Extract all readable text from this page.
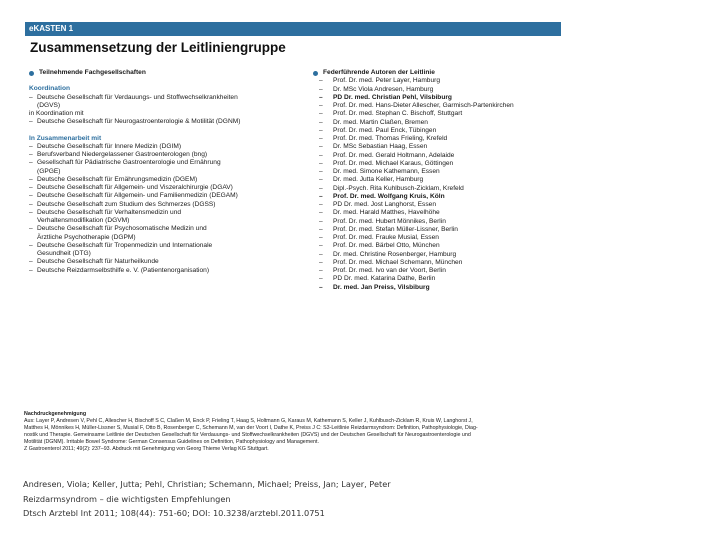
eKASTEN 1
Zusammensetzung der Leitliniengruppe
Teilnehmende Fachgesellschaften
Koordination
– Deutsche Gesellschaft für Verdauungs- und Stoffwechselkrankheiten
(DGVS)
in Koordination mit
– Deutsche Gesellschaft für Neurogastroenterologie & Motilität (DGNM)
In Zusammenarbeit mit
– Deutsche Gesellschaft für Innere Medizin (DGIM)
– Berufsverband Niedergelassener Gastroenterologen (bng)
– Gesellschaft für Pädiatrische Gastroenterologie und Ernährung
(GPGE)
– Deutsche Gesellschaft für Ernährungsmedizin (DGEM)
– Deutsche Gesellschaft für Allgemein- und Viszeralchirurgie (DGAV)
– Deutsche Gesellschaft für Allgemein- und Familienmedizin (DEGAM)
– Deutsche Gesellschaft zum Studium des Schmerzes (DGSS)
– Deutsche Gesellschaft für Verhaltensmedizin und
Verhaltensmodifikation (DGVM)
– Deutsche Gesellschaft für Psychosomatische Medizin und
Ärztliche Psychotherapie (DGPM)
– Deutsche Gesellschaft für Tropenmedizin und Internationale
Gesundheit (DTG)
– Deutsche Gesellschaft für Naturheilkunde
– Deutsche Reizdarmselbsthilfe e. V. (Patientenorganisation)
Federführende Autoren der Leitlinie
– Prof. Dr. med. Peter Layer, Hamburg
– Dr. MSc Viola Andresen, Hamburg
– PD Dr. med. Christian Pehl, Vilsbiburg
– Prof. Dr. med. Hans-Dieter Allescher, Garmisch-Partenkirchen
– Prof. Dr. med. Stephan C. Bischoff, Stuttgart
– Dr. med. Martin Claßen, Bremen
– Prof. Dr. med. Paul Enck, Tübingen
– Prof. Dr. med. Thomas Frieling, Krefeld
– Dr. MSc Sebastian Haag, Essen
– Prof. Dr. med. Gerald Holtmann, Adelaide
– Prof. Dr. med. Michael Karaus, Göttingen
– Dr. med. Simone Kathemann, Essen
– Dr. med. Jutta Keller, Hamburg
– Dipl.-Psych. Rita Kuhlbusch-Zicklam, Krefeld
– Prof. Dr. med. Wolfgang Kruis, Köln
– PD Dr. med. Jost Langhorst, Essen
– Dr. med. Harald Matthes, Havelhöhe
– Prof. Dr. med. Hubert Mönnikes, Berlin
– Prof. Dr. med. Stefan Müller-Lissner, Berlin
– Prof. Dr. med. Frauke Musial, Essen
– Prof. Dr. med. Bärbel Otto, München
– Dr. med. Christine Rosenberger, Hamburg
– Prof. Dr. med. Michael Schemann, München
– Prof. Dr. med. Ivo van der Voort, Berlin
– PD Dr. med. Katarina Dathe, Berlin
– Dr. med. Jan Preiss, Vilsbiburg
Nachdruckgenehmigung
Aus: Layer P, Andresen V, Pehl C, Allescher H, Bischoff S C, Claßen M, Enck P, Frieling T, Haag S, Holtmann G, Karaus M, Kathemann S, Keller J, Kuhlbusch-Zicklam R, Kruis W, Langhorst J,
Matthes H, Mönnikes H, Müller-Lissner S, Musial F, Otto B, Rosenberger C, Schemann M, van der Voort I, Dathe K, Preiss J C: S3-Leitlinie Reizdarmsyndrom: Definition, Pathophysiologie, Diag-
nostik und Therapie. Gemeinsame Leitlinie der Deutschen Gesellschaft für Verdauungs- und Stoffwechselkrankheiten (DGVS) und der Deutschen Gesellschaft für Neurogastroenterologie und
Motilität (DGNM). Irritable Bowel Syndrome: German Consensus Guidelines on Definition, Pathophysiology and Management.
Z Gastroenterol 2011; 49(2): 237–93. Abdruck mit Genehmigung von Georg Thieme Verlag KG Stuttgart.
Andresen, Viola; Keller, Jutta; Pehl, Christian; Schemann, Michael; Preiss, Jan; Layer, Peter
Reizdarmsyndrom – die wichtigsten Empfehlungen
Dtsch Arztebl Int 2011; 108(44): 751-60; DOI: 10.3238/arztebl.2011.0751
